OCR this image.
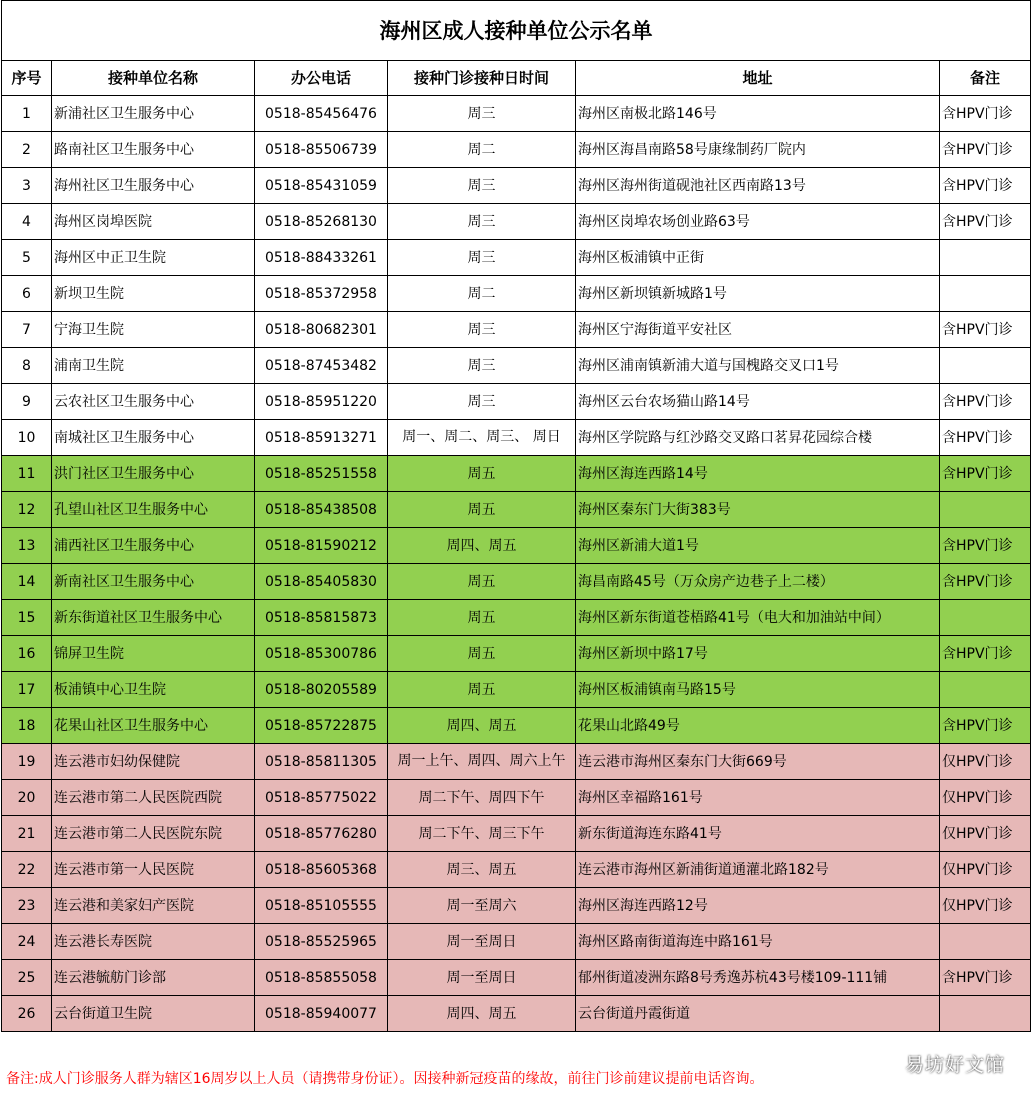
海州区成人接种单位公示名单					
序号	接种单位名称	办公电话	接种门诊接种日时间	地址	备注
1	新浦社区卫生服务中心	0518-85456476	周三	海州区南极北路146号	含HPV门诊
2	路南社区卫生服务中心	0518-85506739	周二	海州区海昌南路58号康缘制药厂院内	含HPV门诊
3	海州社区卫生服务中心	0518-85431059	周三	海州区海州街道砚池社区西南路13号	含HPV门诊
4	海州区岗埠医院	0518-85268130	周三	海州区岗埠农场创业路63号	含HPV门诊
5	海州区中正卫生院	0518-88433261	周三	海州区板浦镇中正街	
6	新坝卫生院	0518-85372958	周二	海州区新坝镇新城路1号	
7	宁海卫生院	0518-80682301	周三	海州区宁海街道平安社区	含HPV门诊
8	浦南卫生院	0518-87453482	周三	海州区浦南镇新浦大道与国槐路交叉口1号	
9	云农社区卫生服务中心	0518-85951220	周三	海州区云台农场猫山路14号	含HPV门诊
10	南城社区卫生服务中心	0518-85913271	周一、周二、周三、 周日	海州区学院路与红沙路交叉路口茗昇花园综合楼	含HPV门诊
11	洪门社区卫生服务中心	0518-85251558	周五	海州区海连西路14号	含HPV门诊
12	孔望山社区卫生服务中心	0518-85438508	周五	海州区秦东门大街383号	
13	浦西社区卫生服务中心	0518-81590212	周四、周五	海州区新浦大道1号	含HPV门诊
14	新南社区卫生服务中心	0518-85405830	周五	海昌南路45号（万众房产边巷子上二楼）	含HPV门诊
15	新东街道社区卫生服务中心	0518-85815873	周五	海州区新东街道苍梧路41号（电大和加油站中间）	
16	锦屏卫生院	0518-85300786	周五	海州区新坝中路17号	含HPV门诊
17	板浦镇中心卫生院	0518-80205589	周五	海州区板浦镇南马路15号	
18	花果山社区卫生服务中心	0518-85722875	周四、周五	花果山北路49号	含HPV门诊
19	连云港市妇幼保健院	0518-85811305	周一上午、周四、周六上午	连云港市海州区秦东门大街669号	仅HPV门诊
20	连云港市第二人民医院西院	0518-85775022	周二下午、周四下午	海州区幸福路161号	仅HPV门诊
21	连云港市第二人民医院东院	0518-85776280	周二下午、周三下午	新东街道海连东路41号	仅HPV门诊
22	连云港市第一人民医院	0518-85605368	周三、周五	连云港市海州区新浦街道通灌北路182号	仅HPV门诊
23	连云港和美家妇产医院	0518-85105555	周一至周六	海州区海连西路12号	仅HPV门诊
24	连云港长寿医院	0518-85525965	周一至周日	海州区路南街道海连中路161号	
25	连云港毓舫门诊部	0518-85855058	周一至周日	郁州街道凌洲东路8号秀逸苏杭43号楼109-111铺	含HPV门诊
26	云台街道卫生院	0518-85940077	周四、周五	云台街道丹霞街道	
备注:成人门诊服务人群为辖区16周岁以上人员（请携带身份证）。因接种新冠疫苗的缘故，前往门诊前建议提前电话咨询。
易坊好文馆
